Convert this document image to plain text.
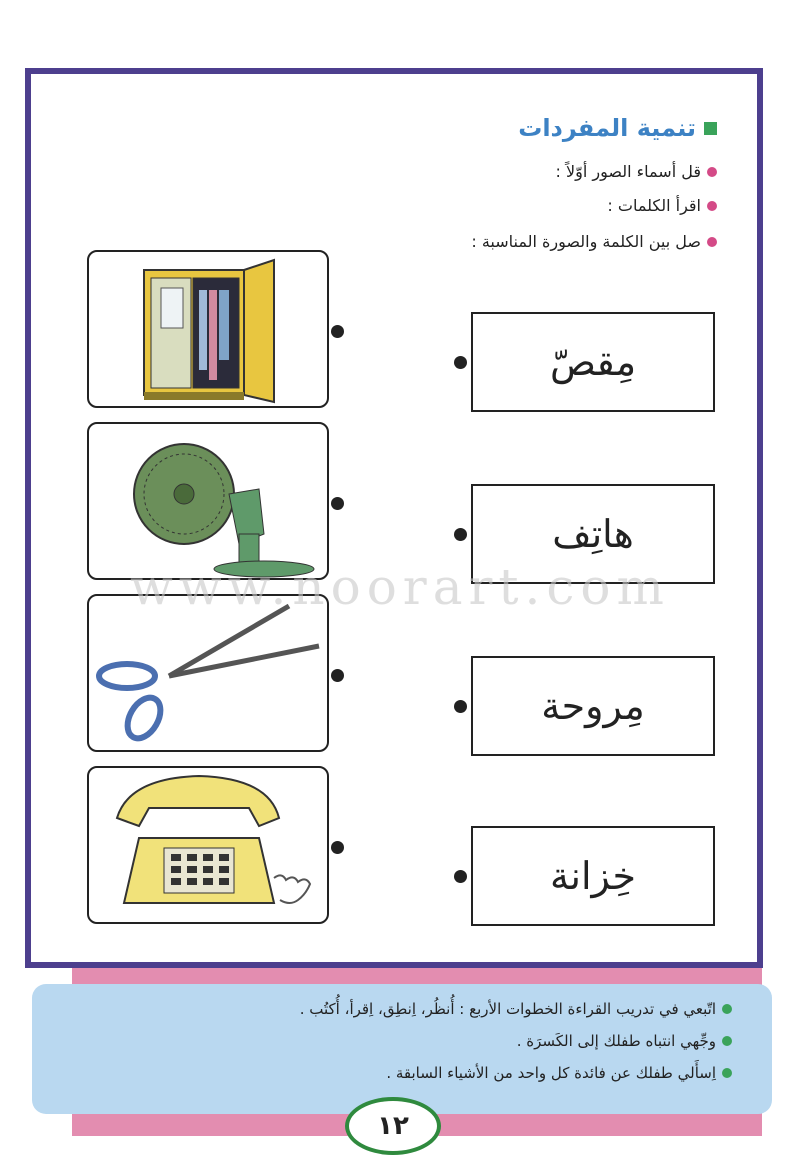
تنمية المفردات
قل أسماء الصور أوّلاً :
اقرأ الكلمات :
صل بين الكلمة والصورة المناسبة :
مِقصّ
هاتِف
مِروحة
خِزانة
www.noorart.com
اتّبعي في تدريب القراءة الخطوات الأربع : أُنظُر، اِنطِق، اِقرأ، أُكتُب .
وجِّهي انتباه طفلك إلى الكَسرَة .
اِسأَلي طفلك عن فائدة كل واحد من الأشياء السابقة .
١٢
